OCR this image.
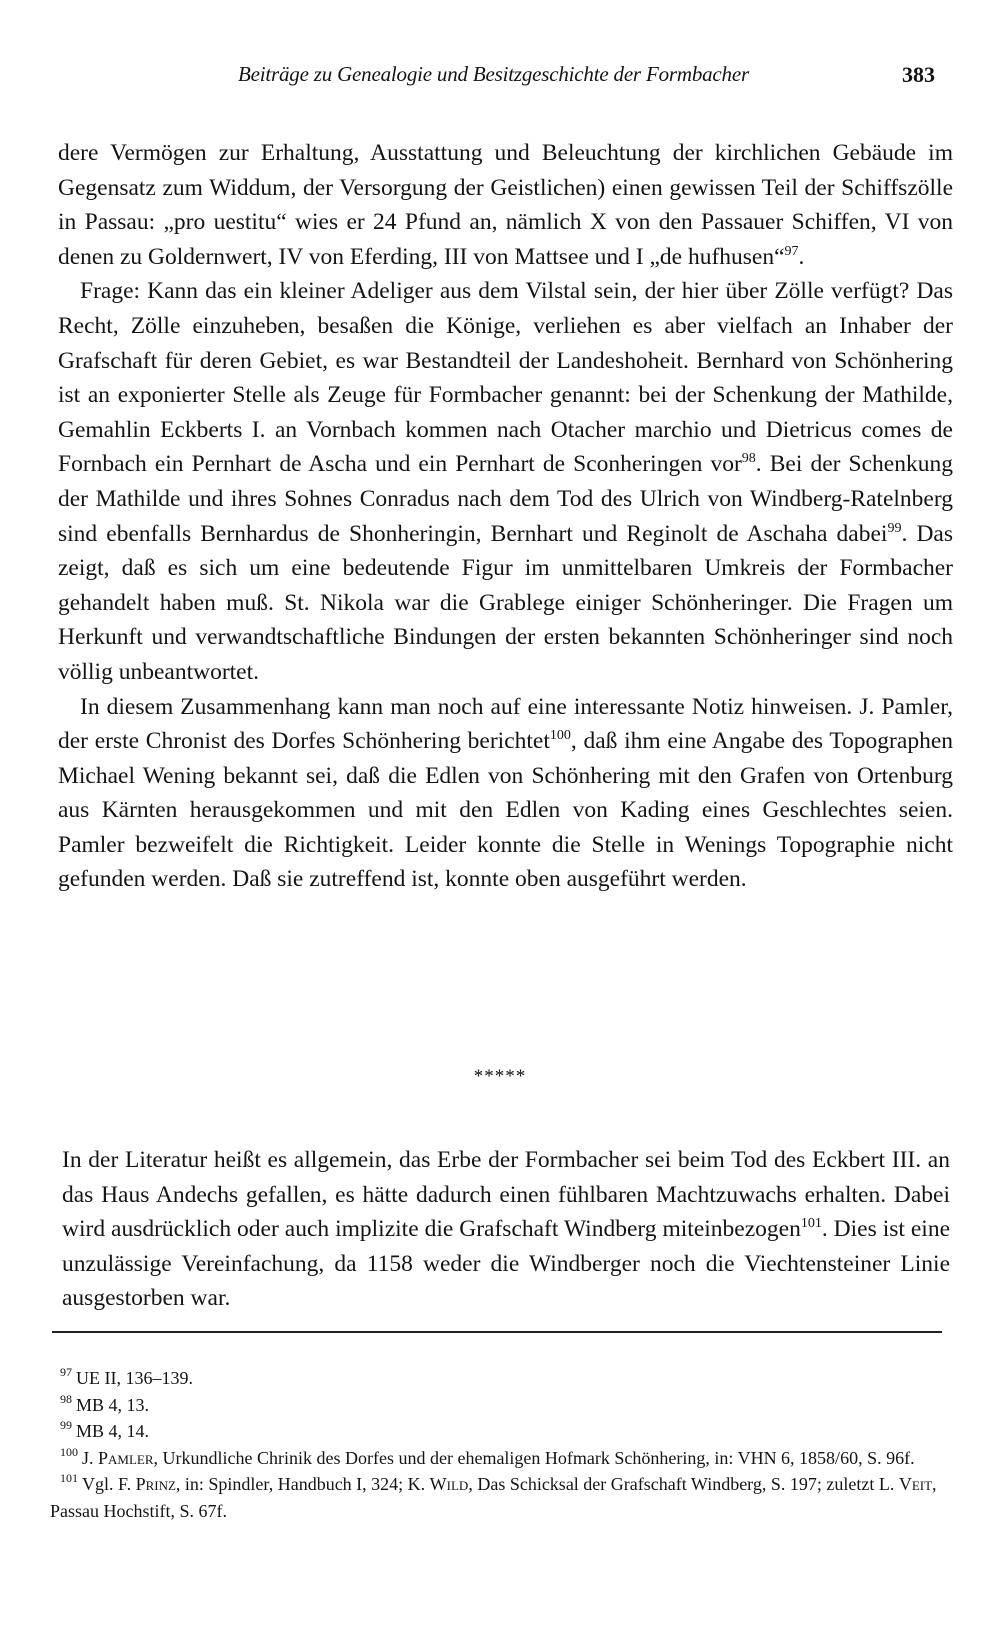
Beiträge zu Genealogie und Besitzgeschichte der Formbacher	383

dere Vermögen zur Erhaltung, Ausstattung und Beleuchtung der kirchlichen Gebäude im Gegensatz zum Widdum, der Versorgung der Geistlichen) einen gewissen Teil der Schiffszölle in Passau: „pro uestitu“ wies er 24 Pfund an, nämlich X von den Passauer Schiffen, VI von denen zu Goldernwert, IV von Eferding, III von Mattsee und I „de hufhusen“$^{97}$.

Frage: Kann das ein kleiner Adeliger aus dem Vilstal sein, der hier über Zölle verfügt? Das Recht, Zölle einzuheben, besaßen die Könige, verliehen es aber vielfach an Inhaber der Grafschaft für deren Gebiet, es war Bestandteil der Landeshoheit. Bernhard von Schönhering ist an exponierter Stelle als Zeuge für Formbacher genannt: bei der Schenkung der Mathilde, Gemahlin Eckberts I. an Vornbach kommen nach Otacher marchio und Dietricus comes de Fornbach ein Pernhart de Ascha und ein Pernhart de Sconheringen vor$^{98}$. Bei der Schenkung der Mathilde und ihres Sohnes Conradus nach dem Tod des Ulrich von Windberg-Ratelnberg sind ebenfalls Bernhardus de Shonheringin, Bernhart und Reginolt de Aschaha dabei$^{99}$. Das zeigt, daß es sich um eine bedeutende Figur im unmittelbaren Umkreis der Formbacher gehandelt haben muß. St. Nikola war die Grablege einiger Schönheringer. Die Fragen um Herkunft und verwandtschaftliche Bindungen der ersten bekannten Schönheringer sind noch völlig unbeantwortet.

In diesem Zusammenhang kann man noch auf eine interessante Notiz hinweisen. J. Pamler, der erste Chronist des Dorfes Schönhering berichtet$^{100}$, daß ihm eine Angabe des Topographen Michael Wening bekannt sei, daß die Edlen von Schönhering mit den Grafen von Ortenburg aus Kärnten herausgekommen und mit den Edlen von Kading eines Geschlechtes seien. Pamler bezweifelt die Richtigkeit. Leider konnte die Stelle in Wenings Topographie nicht gefunden werden. Daß sie zutreffend ist, konnte oben ausgeführt werden.

*****

In der Literatur heißt es allgemein, das Erbe der Formbacher sei beim Tod des Eckbert III. an das Haus Andechs gefallen, es hätte dadurch einen fühlbaren Machtzuwachs erhalten. Dabei wird ausdrücklich oder auch implizite die Grafschaft Windberg miteinbezogen$^{101}$. Dies ist eine unzulässige Vereinfachung, da 1158 weder die Windberger noch die Viechtensteiner Linie ausgestorben war.

$^{97}$ UE II, 136–139.

$^{98}$ MB 4, 13.

$^{99}$ MB 4, 14.

$^{100}$ J. Pamler, Urkundliche Chrinik des Dorfes und der ehemaligen Hofmark Schönhering, in: VHN 6, 1858/60, S. 96f.

$^{101}$ Vgl. F. Prinz, in: Spindler, Handbuch I, 324; K. Wild, Das Schicksal der Grafschaft Windberg, S. 197; zuletzt L. Veit, Passau Hochstift, S. 67f.
